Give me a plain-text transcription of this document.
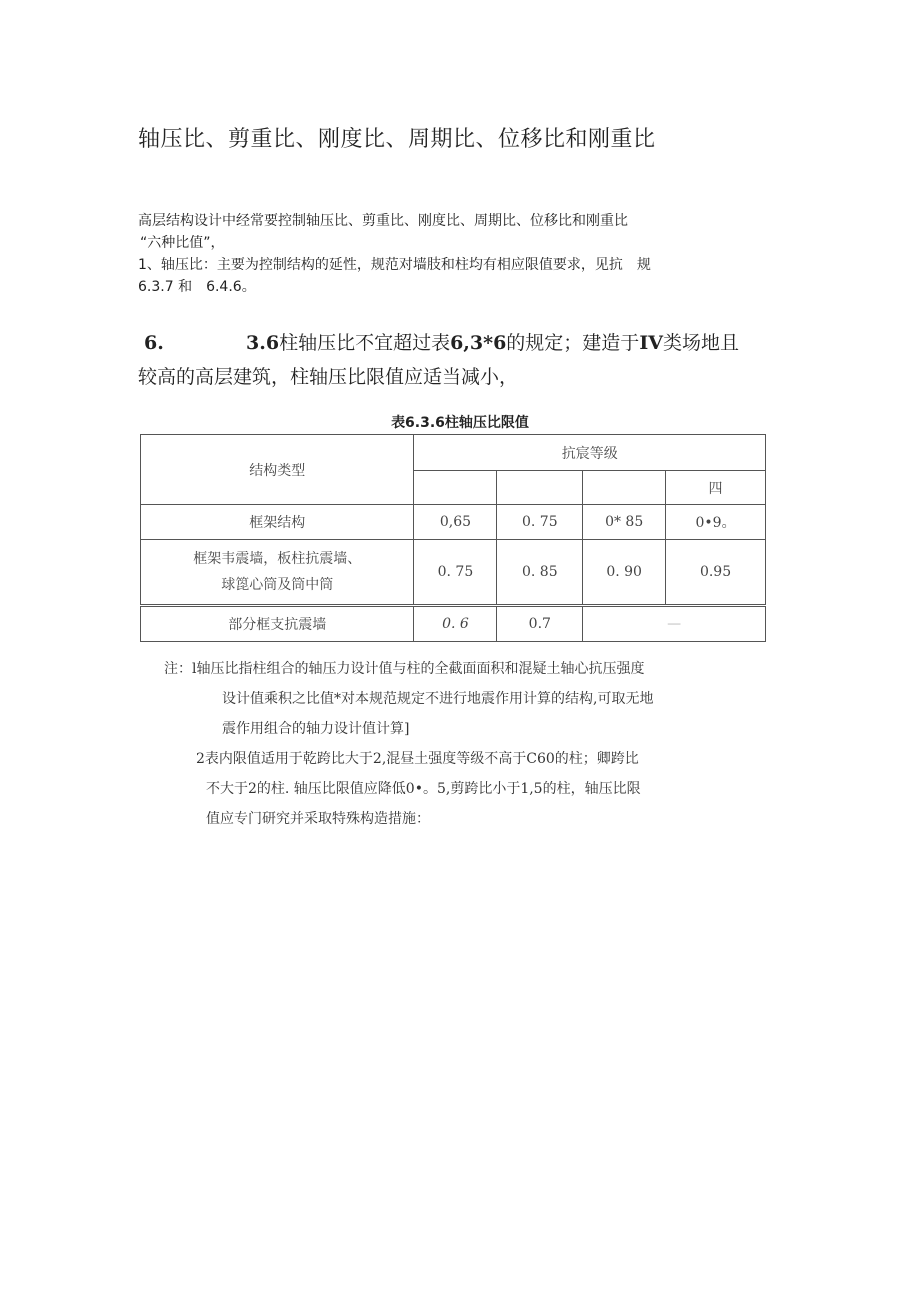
轴压比、剪重比、刚度比、周期比、位移比和刚重比
高层结构设计中经常要控制轴压比、剪重比、刚度比、周期比、位移比和刚重比
“六种比值”，
1、轴压比：主要为控制结构的延性，规范对墙肢和柱均有相应限值要求，见抗　规
6.3.7 和　6.4.6。
6.	3.6柱轴压比不宜超过表6,3*6的规定；建造于IV类场地且
较高的高层建筑，柱轴压比限值应适当减小，
表6.3.6柱轴压比限值
结构类型	抗宸等级			
				四
框架结构	0,65	0. 75	0* 85	0•9。

框架韦震墙，板柱抗震墙、
球箆心筒及筒中筒	0. 75	0. 85	0. 90	0.95
部分框支抗震墙	0. 6	0.7	—	
注：l轴压比指柱组合的轴压力设计值与柱的全截面面积和混疑土轴心抗压强度
设计值乘积之比值*对本规范规定不进行地震作用计算的结构,可取无地
震作用组合的轴力设计值计算]
2表内限值适用于乾跨比大于2,混昼土强度等级不高于C60的柱；卿跨比
不大于2的柱. 轴压比限值应降低0•。5,剪跨比小于1,5的柱，轴压比限
值应专门研究并采取特殊构造措施：
